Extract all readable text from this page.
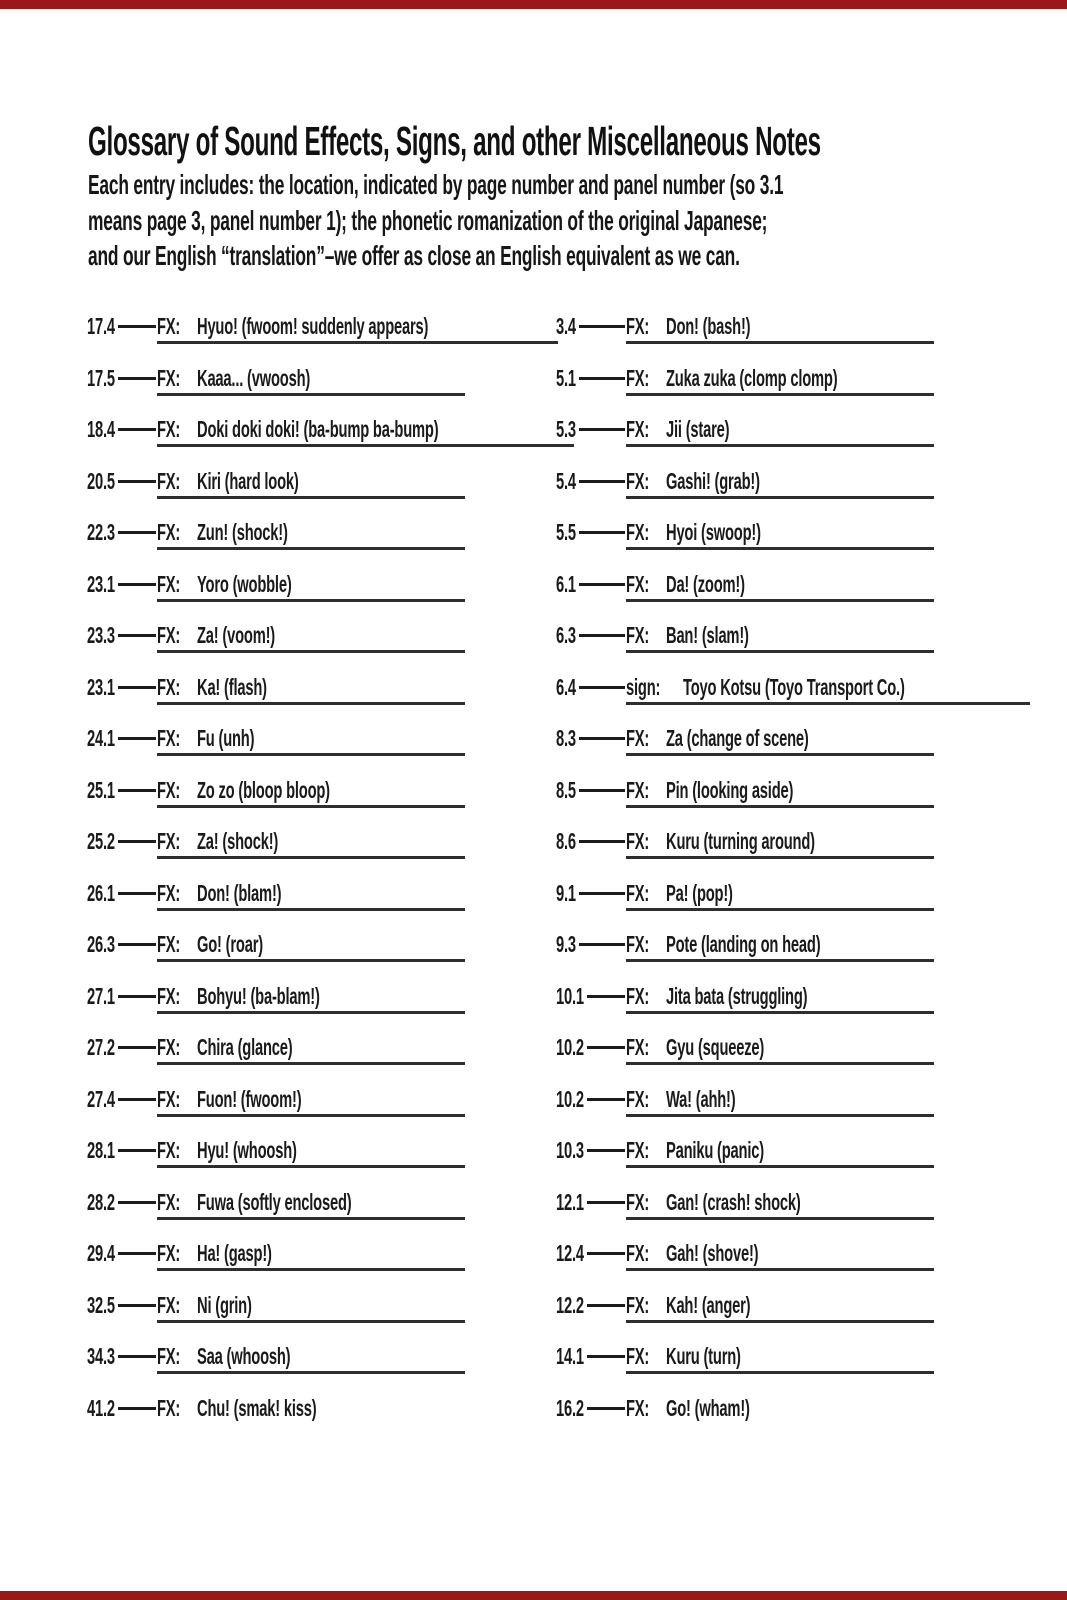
Glossary of Sound Effects, Signs, and other Miscellaneous Notes
Each entry includes: the location, indicated by page number and panel number (so 3.1
means page 3, panel number 1); the phonetic romanization of the original Japanese;
and our English “translation”–we offer as close an English equivalent as we can.
17.4 FX: Hyuo! (fwoom! suddenly appears)
17.5 FX: Kaaa... (vwoosh)
18.4 FX: Doki doki doki! (ba-bump ba-bump)
20.5 FX: Kiri (hard look)
22.3 FX: Zun! (shock!)
23.1 FX: Yoro (wobble)
23.3 FX: Za! (voom!)
23.1 FX: Ka! (flash)
24.1 FX: Fu (unh)
25.1 FX: Zo zo (bloop bloop)
25.2 FX: Za! (shock!)
26.1 FX: Don! (blam!)
26.3 FX: Go! (roar)
27.1 FX: Bohyu! (ba-blam!)
27.2 FX: Chira (glance)
27.4 FX: Fuon! (fwoom!)
28.1 FX: Hyu! (whoosh)
28.2 FX: Fuwa (softly enclosed)
29.4 FX: Ha! (gasp!)
32.5 FX: Ni (grin)
34.3 FX: Saa (whoosh)
41.2 FX: Chu! (smak! kiss)
3.4 FX: Don! (bash!)
5.1 FX: Zuka zuka (clomp clomp)
5.3 FX: Jii (stare)
5.4 FX: Gashi! (grab!)
5.5 FX: Hyoi (swoop!)
6.1 FX: Da! (zoom!)
6.3 FX: Ban! (slam!)
6.4 sign: Toyo Kotsu (Toyo Transport Co.)
8.3 FX: Za (change of scene)
8.5 FX: Pin (looking aside)
8.6 FX: Kuru (turning around)
9.1 FX: Pa! (pop!)
9.3 FX: Pote (landing on head)
10.1 FX: Jita bata (struggling)
10.2 FX: Gyu (squeeze)
10.2 FX: Wa! (ahh!)
10.3 FX: Paniku (panic)
12.1 FX: Gan! (crash! shock)
12.4 FX: Gah! (shove!)
12.2 FX: Kah! (anger)
14.1 FX: Kuru (turn)
16.2 FX: Go! (wham!)
